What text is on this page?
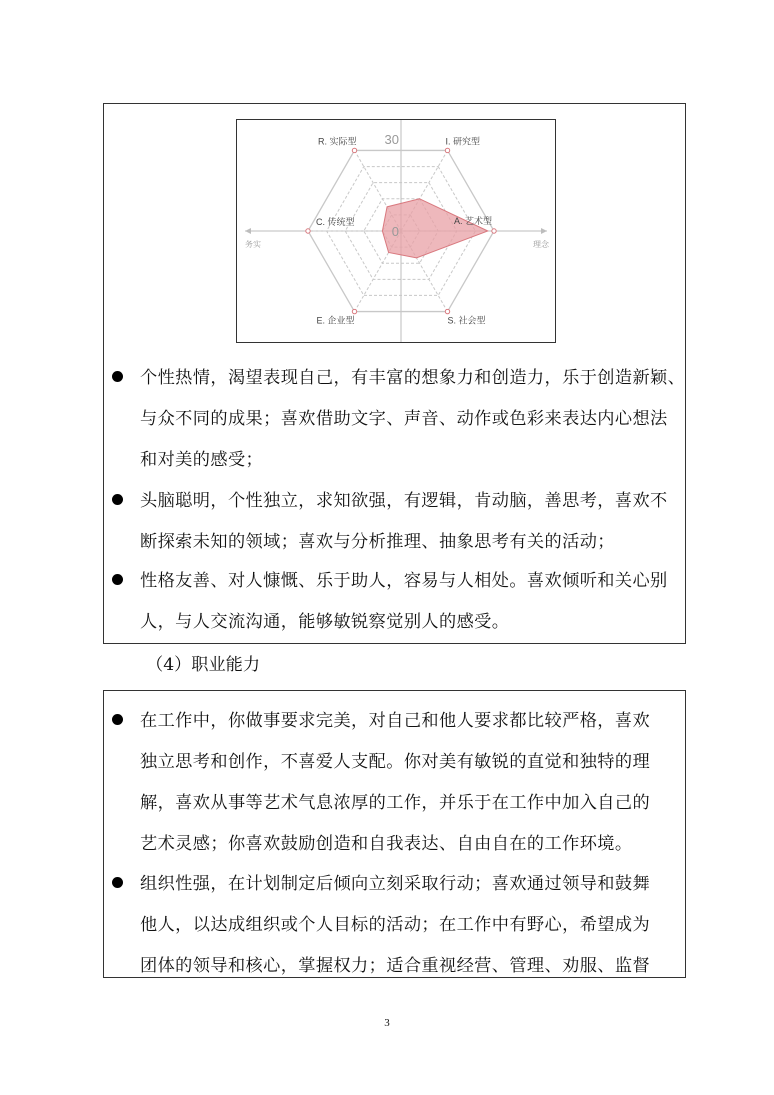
I. 研究型
A. 艺术型
S. 社会型
E. 企业型
C. 传统型
R. 实际型 30
0
务实	理念
个性热情，渴望表现自己，有丰富的想象力和创造力，乐于创造新颖、
与众不同的成果；喜欢借助文字、声音、动作或色彩来表达内心想法
和对美的感受；
头脑聪明，个性独立，求知欲强，有逻辑，肯动脑，善思考，喜欢不
断探索未知的领域；喜欢与分析推理、抽象思考有关的活动；
性格友善、对人慷慨、乐于助人，容易与人相处。喜欢倾听和关心别
人，与人交流沟通，能够敏锐察觉别人的感受。
（4）职业能力
在工作中，你做事要求完美，对自己和他人要求都比较严格，喜欢
独立思考和创作，不喜爱人支配。你对美有敏锐的直觉和独特的理
解，喜欢从事等艺术气息浓厚的工作，并乐于在工作中加入自己的
艺术灵感；你喜欢鼓励创造和自我表达、自由自在的工作环境。
组织性强，在计划制定后倾向立刻采取行动；喜欢通过领导和鼓舞
他人，以达成组织或个人目标的活动；在工作中有野心，希望成为
团体的领导和核心，掌握权力；适合重视经营、管理、劝服、监督
3
